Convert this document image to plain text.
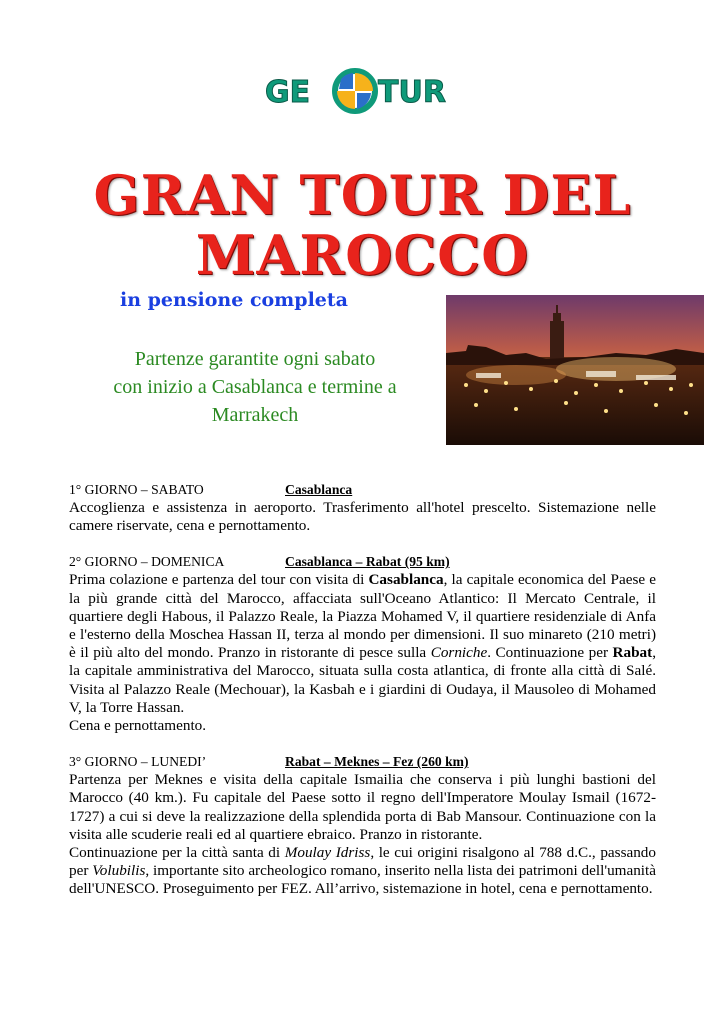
GE TUR
GRAN TOUR DEL
MAROCCO
in pensione completa
Partenze garantite ogni sabato
con inizio a Casablanca e termine a
Marrakech
1° GIORNO – SABATO	Casablanca

Accoglienza e assistenza in aeroporto. Trasferimento all'hotel prescelto. Sistemazione nelle camere riservate, cena e pernottamento.

2° GIORNO – DOMENICA	Casablanca – Rabat (95 km)

Prima colazione e partenza del tour con visita di Casablanca, la capitale economica del Paese e la più grande città del Marocco, affacciata sull'Oceano Atlantico: Il Mercato Centrale, il quartiere degli Habous, il Palazzo Reale, la Piazza Mohamed V, il quartiere residenziale di Anfa e l'esterno della Moschea Hassan II, terza al mondo per dimensioni. Il suo minareto (210 metri) è il più alto del mondo. Pranzo in ristorante di pesce sulla Corniche. Continuazione per Rabat, la capitale amministrativa del Marocco, situata sulla costa atlantica, di fronte alla città di Salé. Visita al Palazzo Reale (Mechouar), la Kasbah e i giardini di Oudaya, il Mausoleo di Mohamed V, la Torre Hassan.

Cena e pernottamento.

3° GIORNO – LUNEDI’	Rabat – Meknes – Fez (260 km)

Partenza per Meknes e visita della capitale Ismailia che conserva i più lunghi bastioni del Marocco (40 km.). Fu capitale del Paese sotto il regno dell'Imperatore Moulay Ismail (1672-1727) a cui si deve la realizzazione della splendida porta di Bab Mansour. Continuazione con la visita alle scuderie reali ed al quartiere ebraico. Pranzo in ristorante.

Continuazione per la città santa di Moulay Idriss, le cui origini risalgono al 788 d.C., passando per Volubilis, importante sito archeologico romano, inserito nella lista dei patrimoni dell'umanità dell'UNESCO. Proseguimento per FEZ. All’arrivo, sistemazione in hotel, cena e pernottamento.
